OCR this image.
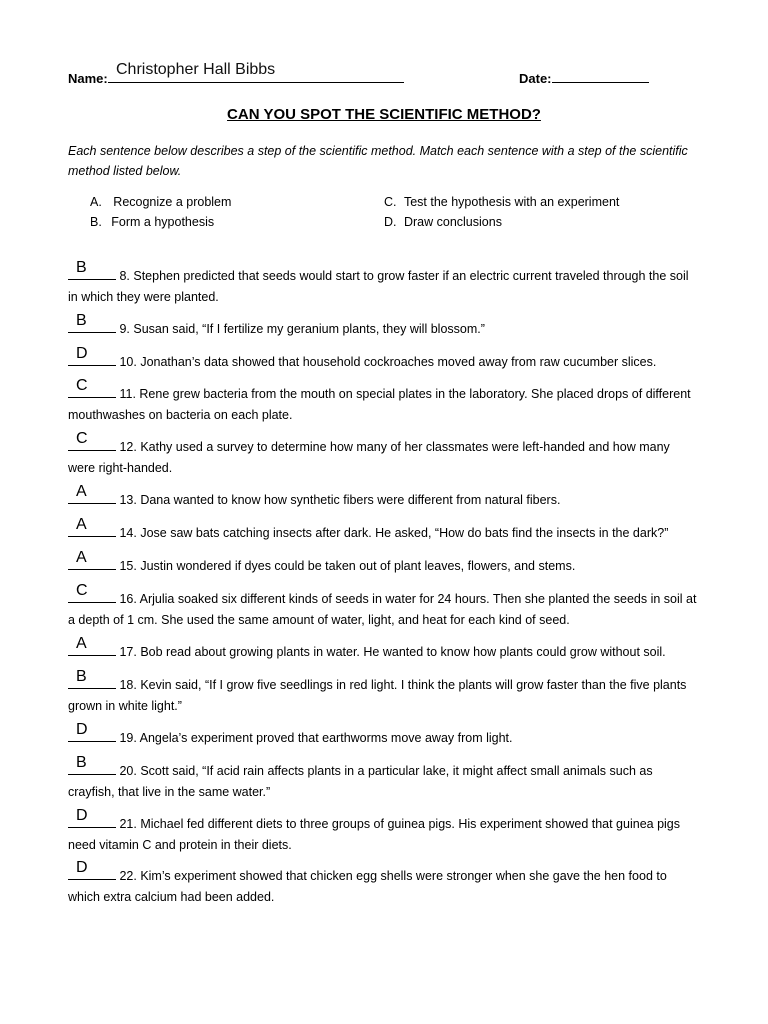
Name:
Christopher Hall Bibbs
Date:
CAN YOU SPOT THE SCIENTIFIC METHOD?
Each sentence below describes a step of the scientific method. Match each sentence with a step of the scientific method listed below.
A. Recognize a problem
B. Form a hypothesis
C. Test the hypothesis with an experiment
D. Draw conclusions
B 8. Stephen predicted that seeds would start to grow faster if an electric current traveled through the soil in which they were planted.
B 9. Susan said, “If I fertilize my geranium plants, they will blossom.”
D 10. Jonathan’s data showed that household cockroaches moved away from raw cucumber slices.
C 11. Rene grew bacteria from the mouth on special plates in the laboratory. She placed drops of different mouthwashes on bacteria on each plate.
C 12. Kathy used a survey to determine how many of her classmates were left-handed and how many were right-handed.
A 13. Dana wanted to know how synthetic fibers were different from natural fibers.
A 14. Jose saw bats catching insects after dark. He asked, “How do bats find the insects in the dark?”
A 15. Justin wondered if dyes could be taken out of plant leaves, flowers, and stems.
C 16. Arjulia soaked six different kinds of seeds in water for 24 hours. Then she planted the seeds in soil at a depth of 1 cm. She used the same amount of water, light, and heat for each kind of seed.
A 17. Bob read about growing plants in water. He wanted to know how plants could grow without soil.
B 18. Kevin said, “If I grow five seedlings in red light. I think the plants will grow faster than the five plants grown in white light.”
D 19. Angela’s experiment proved that earthworms move away from light.
B 20. Scott said, “If acid rain affects plants in a particular lake, it might affect small animals such as crayfish, that live in the same water.”
D 21. Michael fed different diets to three groups of guinea pigs. His experiment showed that guinea pigs need vitamin C and protein in their diets.
D 22. Kim’s experiment showed that chicken egg shells were stronger when she gave the hen food to which extra calcium had been added.
